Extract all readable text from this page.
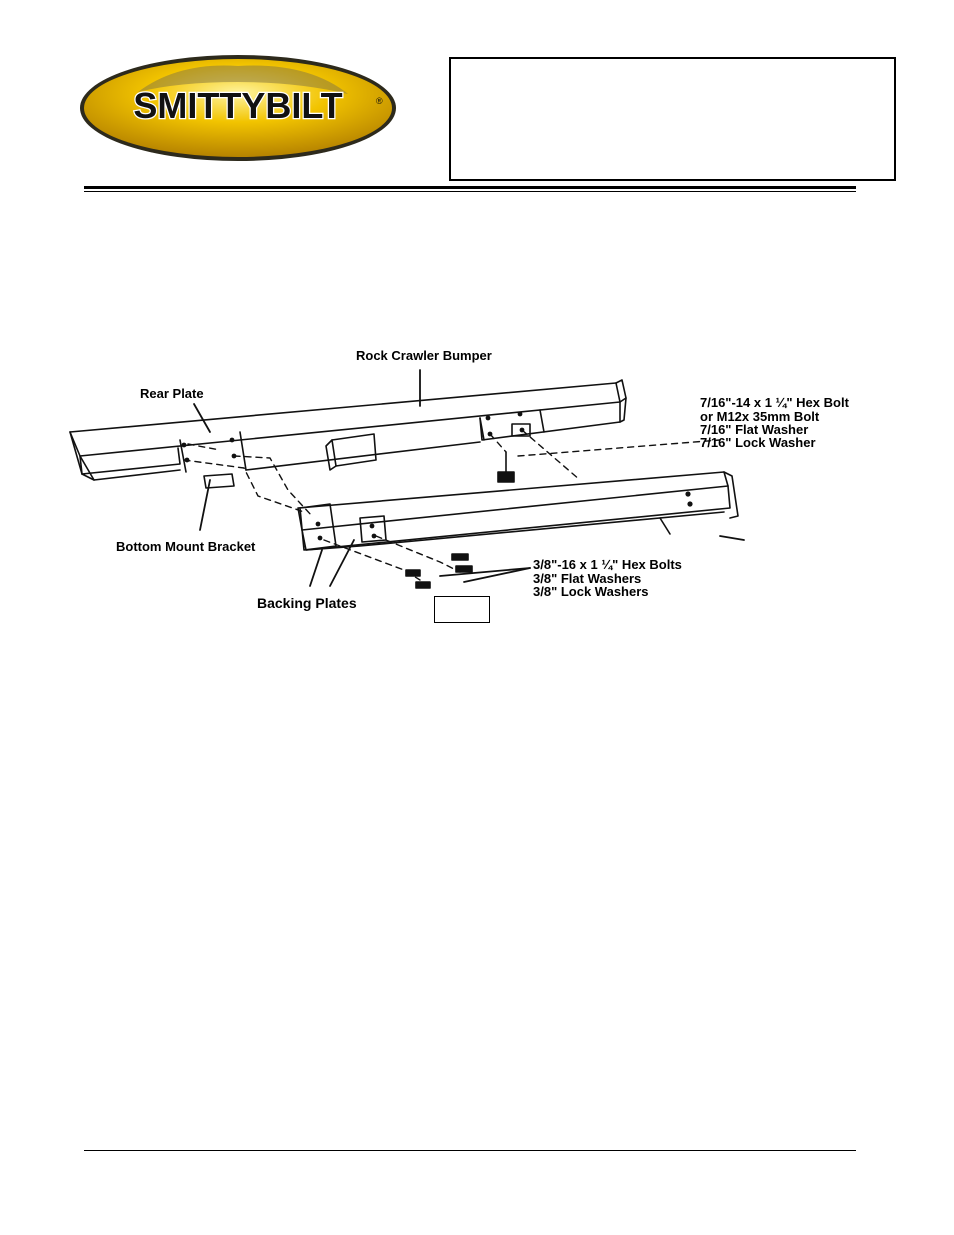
SMITTYBILT	®
Rock Crawler Bumper
Rear Plate
Bottom Mount Bracket
Backing Plates
7/16"-14 x 1 ¼" Hex Bolt
or M12x 35mm Bolt
7/16" Flat Washer
7/16" Lock Washer
3/8"-16 x 1 ¼" Hex Bolts
3/8" Flat Washers
3/8" Lock Washers
